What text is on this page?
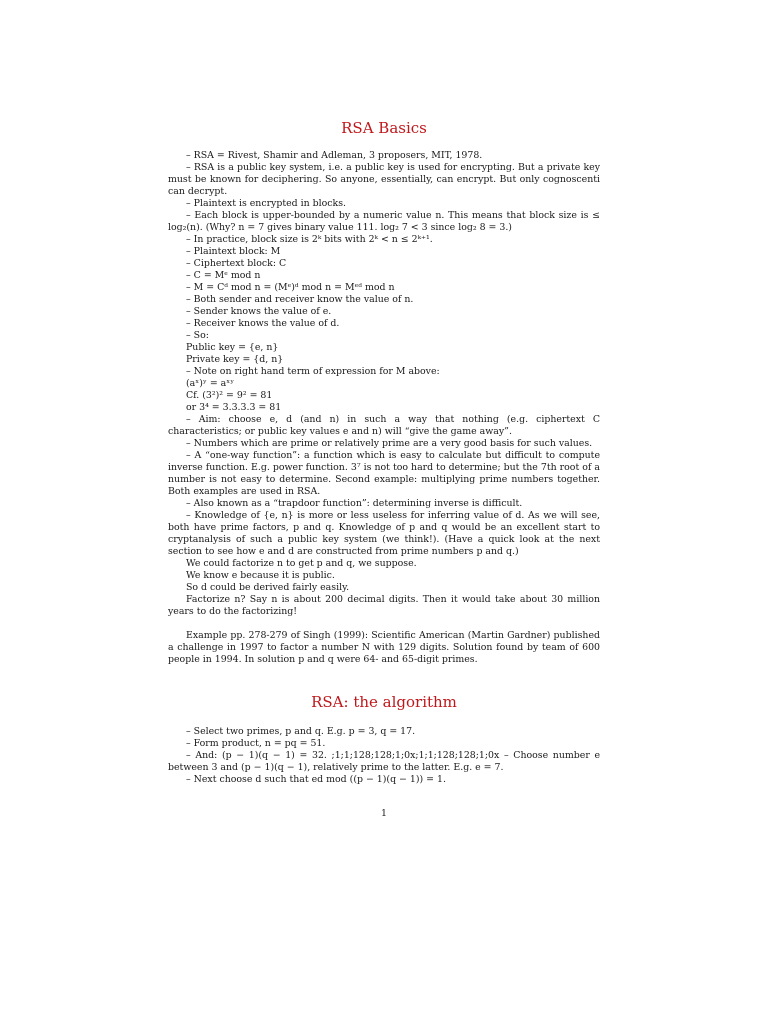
RSA Basics

– RSA = Rivest, Shamir and Adleman, 3 proposers, MIT, 1978.

– RSA is a public key system, i.e. a public key is used for encrypting. But a private key must be known for deciphering. So anyone, essentially, can encrypt. But only cognoscenti can decrypt.

– Plaintext is encrypted in blocks.

– Each block is upper-bounded by a numeric value n. This means that block size is ≤ log₂(n). (Why? n = 7 gives binary value 111. log₂ 7 < 3 since log₂ 8 = 3.)

– In practice, block size is 2ᵏ bits with 2ᵏ < n ≤ 2ᵏ⁺¹.

– Plaintext block: M

– Ciphertext block: C

– C = Mᵉ mod n

– M = Cᵈ mod n = (Mᵉ)ᵈ mod n = Mᵉᵈ mod n

– Both sender and receiver know the value of n.

– Sender knows the value of e.

– Receiver knows the value of d.

– So:

Public key = {e, n}

Private key = {d, n}

– Note on right hand term of expression for M above:

(aˣ)ʸ = aˣʸ

Cf. (3²)² = 9² = 81

or 3⁴ = 3.3.3.3 = 81

– Aim: choose e, d (and n) in such a way that nothing (e.g. ciphertext C characteristics; or public key values e and n) will “give the game away”.

– Numbers which are prime or relatively prime are a very good basis for such values.

– A “one-way function”: a function which is easy to calculate but difficult to compute inverse function. E.g. power function. 3⁷ is not too hard to determine; but the 7th root of a number is not easy to determine. Second example: multiplying prime numbers together. Both examples are used in RSA.

– Also known as a “trapdoor function”: determining inverse is difficult.

– Knowledge of {e, n} is more or less useless for inferring value of d. As we will see, both have prime factors, p and q. Knowledge of p and q would be an excellent start to cryptanalysis of such a public key system (we think!). (Have a quick look at the next section to see how e and d are constructed from prime numbers p and q.)

We could factorize n to get p and q, we suppose.

We know e because it is public.

So d could be derived fairly easily.

Factorize n? Say n is about 200 decimal digits. Then it would take about 30 million years to do the factorizing!

Example pp. 278-279 of Singh (1999): Scientific American (Martin Gardner) published a challenge in 1997 to factor a number N with 129 digits. Solution found by team of 600 people in 1994. In solution p and q were 64- and 65-digit primes.

RSA: the algorithm

– Select two primes, p and q. E.g. p = 3, q = 17.

– Form product, n = pq = 51.

– And: (p − 1)(q − 1) = 32. ;1;1;128;128;1;0x;1;1;128;128;1;0x – Choose number e between 3 and (p − 1)(q − 1), relatively prime to the latter. E.g. e = 7.

– Next choose d such that ed mod ((p − 1)(q − 1)) = 1.

1
